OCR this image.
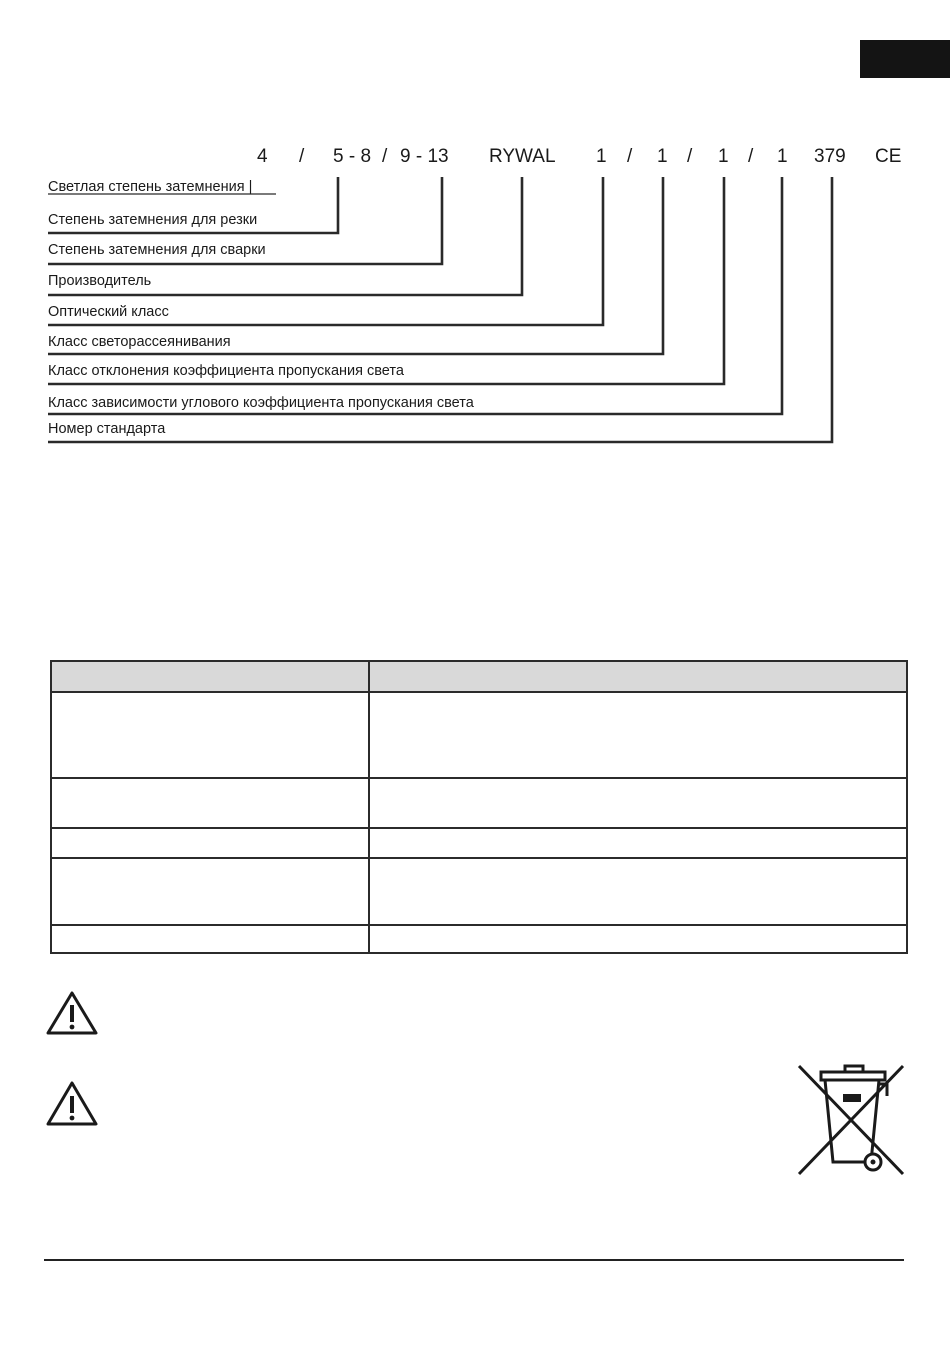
4 / 5 - 8 / 9 - 13 RYWAL 1 / 1 / 1 / 1 379 CE
Светлая степень затемнения |
Степень затемнения для резки
Степень затемнения для сварки
Производитель
Оптический класс
Класс светорассеянивания
Класс отклонения коэффициента пропускания света
Класс зависимости углового коэффициента пропускания света
Номер стандарта
